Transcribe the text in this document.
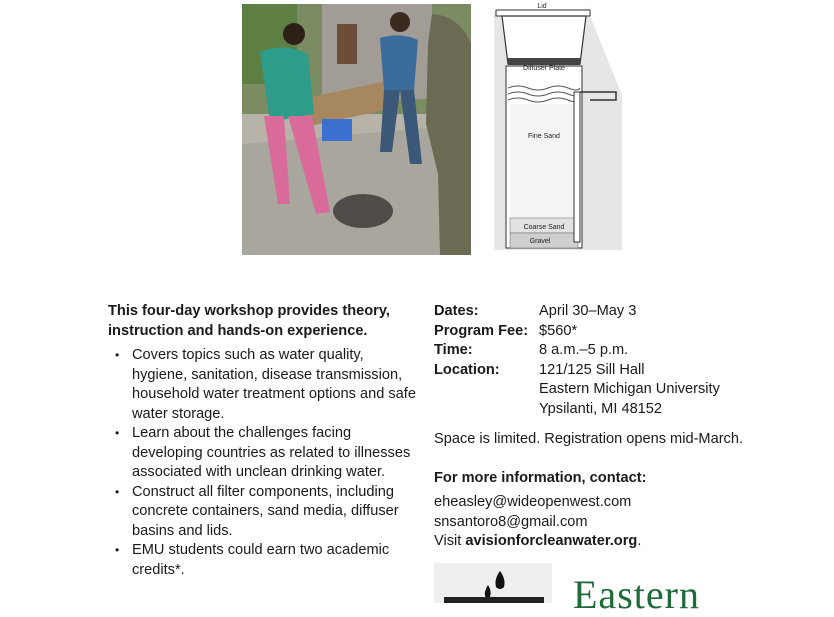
Lid
Diffuser Plate
Fine Sand
Coarse Sand
Gravel

This four-day workshop provides theory, instruction and hands-on experience.

• Covers topics such as water quality, hygiene, sanitation, disease transmission, household water treatment options and safe water storage.
• Learn about the challenges facing developing countries as related to illnesses associated with unclean drinking water.
• Construct all filter components, including concrete containers, sand media, diffuser basins and lids.
• EMU students could earn two academic credits*.
Dates:	April 30–May 3
Program Fee: $560*
Time:	8 a.m.–5 p.m.
Location:	121/125 Sill Hall
Eastern Michigan University
Ypsilanti, MI 48152

Space is limited. Registration opens mid-March.

For more information, contact:

eheasley@wideopenwest.com
snsantoro8@gmail.com
Visit avisionforcleanwater.org.

Eastern
